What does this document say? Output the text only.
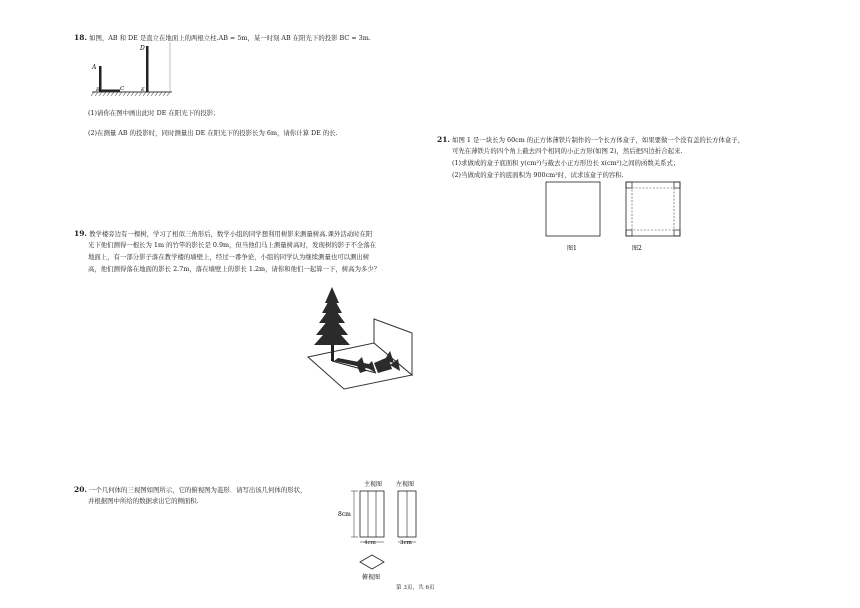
18. 如图，AB 和 DE 是直立在地面上的两根立柱.AB = 5m，某一时刻 AB 在阳光下的投影 BC = 3m.
A
B	C
D
E
(1)请你在图中画出此时 DE 在阳光下的投影；
(2)在测量 AB 的投影时，同时测量出 DE 在阳光下的投影长为 6m，请你计算 DE 的长.
19. 教学楼旁边有一棵树，学习了相似三角形后，数学小组的同学想利用树影来测量树高.课外活动时在阳
光下他们测得一根长为 1m 的竹竿的影长是 0.9m，但当他们马上测量树高时，发现树的影子不全落在
地面上，有一部分影子落在教学楼的墙壁上，经过一番争论，小组的同学认为继续测量也可以测出树
高，他们测得落在地面的影长 2.7m，落在墙壁上的影长 1.2m，请你和他们一起算一下，树高为多少？
20. 一个几何体的三视图如图所示，它的俯视图为菱形．请写出该几何体的形状，
并根据图中所给的数据求出它的侧面积.
主视图
8cm
4cm
左视图
3cm
俯视图
21. 如图 1 是一块长为 60cm 的正方体薄铁片制作的一个长方体盒子，如果要做一个没有盖的长方体盒子，
可先在薄铁片的四个角上截去四个相同的小正方形(如图 2)，然后把四边折合起来.
(1)求做成的盒子底面积 y(cm²)与截去小正方形边长 x(cm²)之间的函数关系式；
(2)当做成的盒子的底面积为 900cm²时，试求该盒子的容积.
图1	图2
第 3页，共 6页
